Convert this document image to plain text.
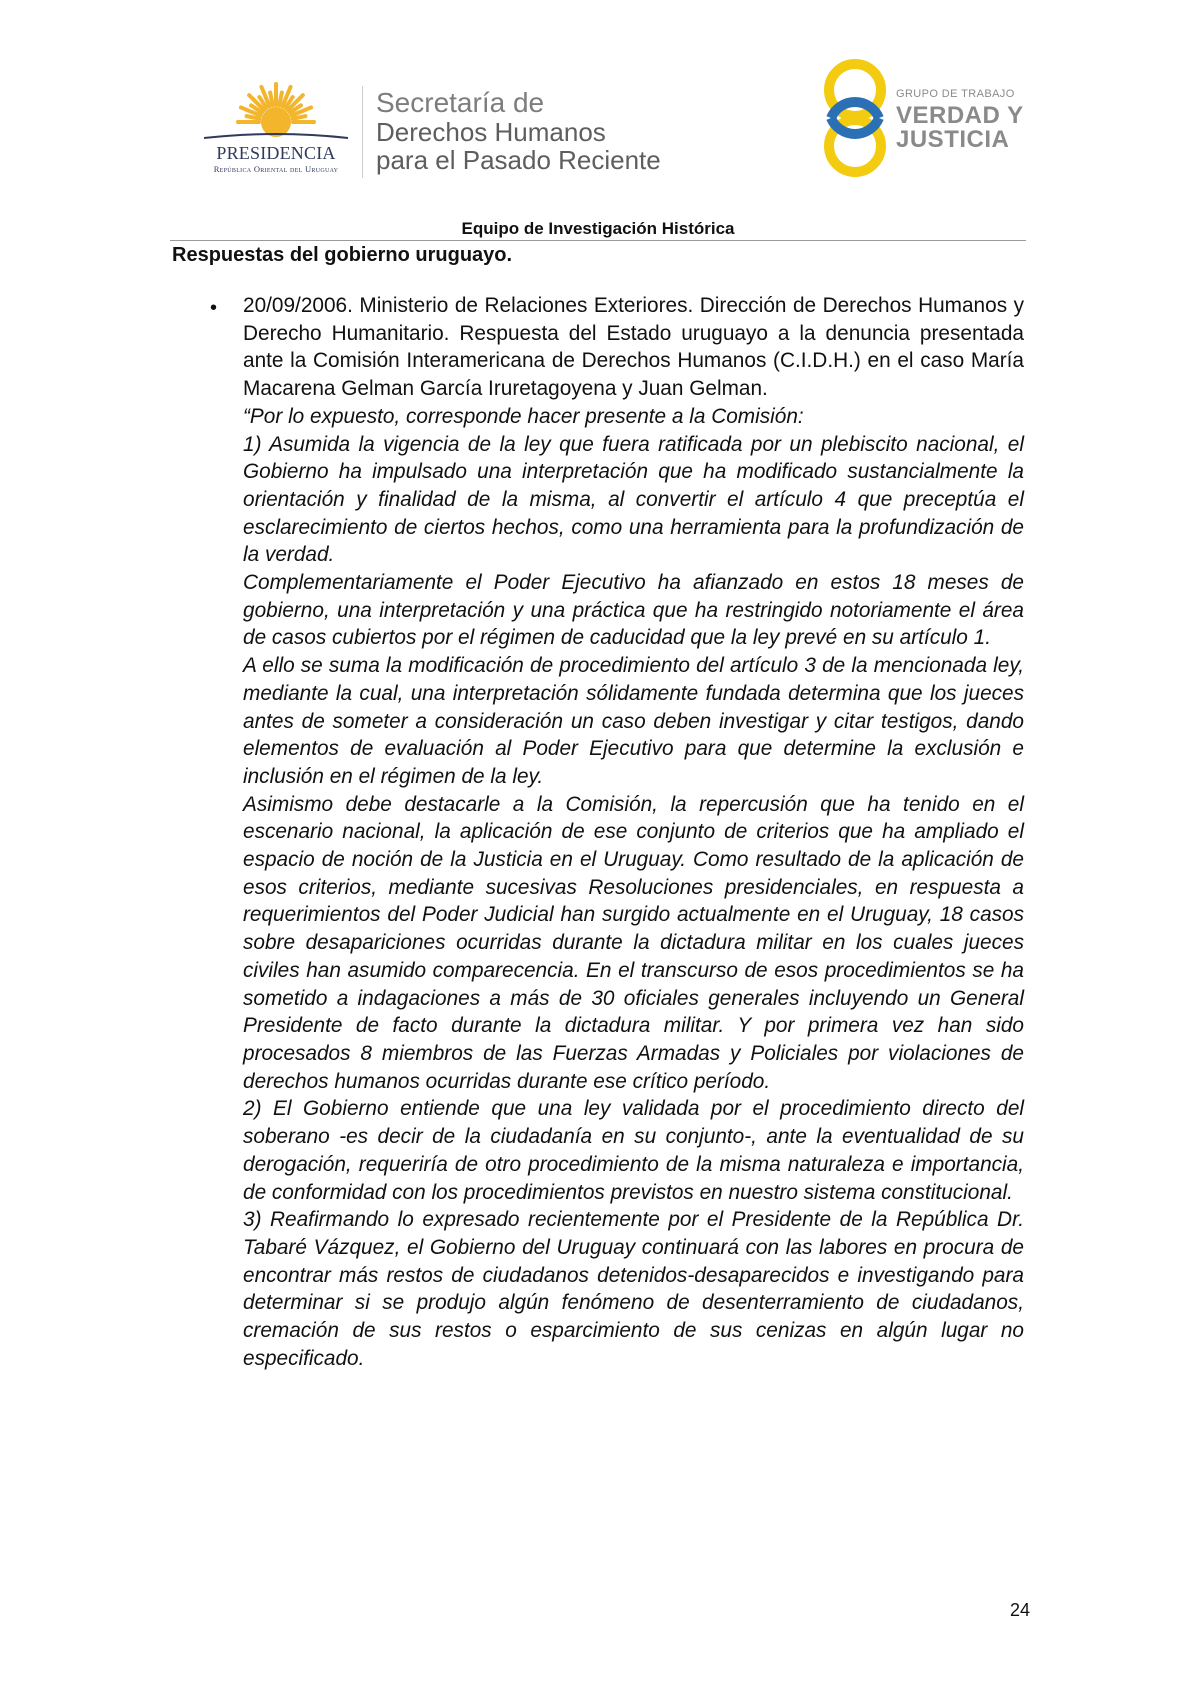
PRESIDENCIA
República Oriental del Uruguay
Secretaría de
Derechos Humanos
para el Pasado Reciente
GRUPO DE TRABAJO
VERDAD Y
JUSTICIA
Equipo de Investigación Histórica
Respuestas del gobierno uruguayo.
• 20/09/2006. Ministerio de Relaciones Exteriores. Dirección de Derechos Humanos y Derecho Humanitario. Respuesta del Estado uruguayo a la denuncia presentada ante la Comisión Interamericana de Derechos Humanos (C.I.D.H.) en el caso María Macarena Gelman García Iruretagoyena y Juan Gelman.

“Por lo expuesto, corresponde hacer presente a la Comisión:

1) Asumida la vigencia de la ley que fuera ratificada por un plebiscito nacional, el Gobierno ha impulsado una interpretación que ha modificado sustancialmente la orientación y finalidad de la misma, al convertir el artículo 4 que preceptúa el esclarecimiento de ciertos hechos, como una herramienta para la profundización de la verdad.

Complementariamente el Poder Ejecutivo ha afianzado en estos 18 meses de gobierno, una interpretación y una práctica que ha restringido notoriamente el área de casos cubiertos por el régimen de caducidad que la ley prevé en su artículo 1.

A ello se suma la modificación de procedimiento del artículo 3 de la mencionada ley, mediante la cual, una interpretación sólidamente fundada determina que los jueces antes de someter a consideración un caso deben investigar y citar testigos, dando elementos de evaluación al Poder Ejecutivo para que determine la exclusión e inclusión en el régimen de la ley.

Asimismo debe destacarle a la Comisión, la repercusión que ha tenido en el escenario nacional, la aplicación de ese conjunto de criterios que ha ampliado el espacio de noción de la Justicia en el Uruguay. Como resultado de la aplicación de esos criterios, mediante sucesivas Resoluciones presidenciales, en respuesta a requerimientos del Poder Judicial han surgido actualmente en el Uruguay, 18 casos sobre desapariciones ocurridas durante la dictadura militar en los cuales jueces civiles han asumido comparecencia. En el transcurso de esos procedimientos se ha sometido a indagaciones a más de 30 oficiales generales incluyendo un General Presidente de facto durante la dictadura militar. Y por primera vez han sido procesados 8 miembros de las Fuerzas Armadas y Policiales por violaciones de derechos humanos ocurridas durante ese crítico período.

2) El Gobierno entiende que una ley validada por el procedimiento directo del soberano -es decir de la ciudadanía en su conjunto-, ante la eventualidad de su derogación, requeriría de otro procedimiento de la misma naturaleza e importancia, de conformidad con los procedimientos previstos en nuestro sistema constitucional.

3) Reafirmando lo expresado recientemente por el Presidente de la República Dr. Tabaré Vázquez, el Gobierno del Uruguay continuará con las labores en procura de encontrar más restos de ciudadanos detenidos-desaparecidos e investigando para determinar si se produjo algún fenómeno de desenterramiento de ciudadanos, cremación de sus restos o esparcimiento de sus cenizas en algún lugar no especificado.

24
